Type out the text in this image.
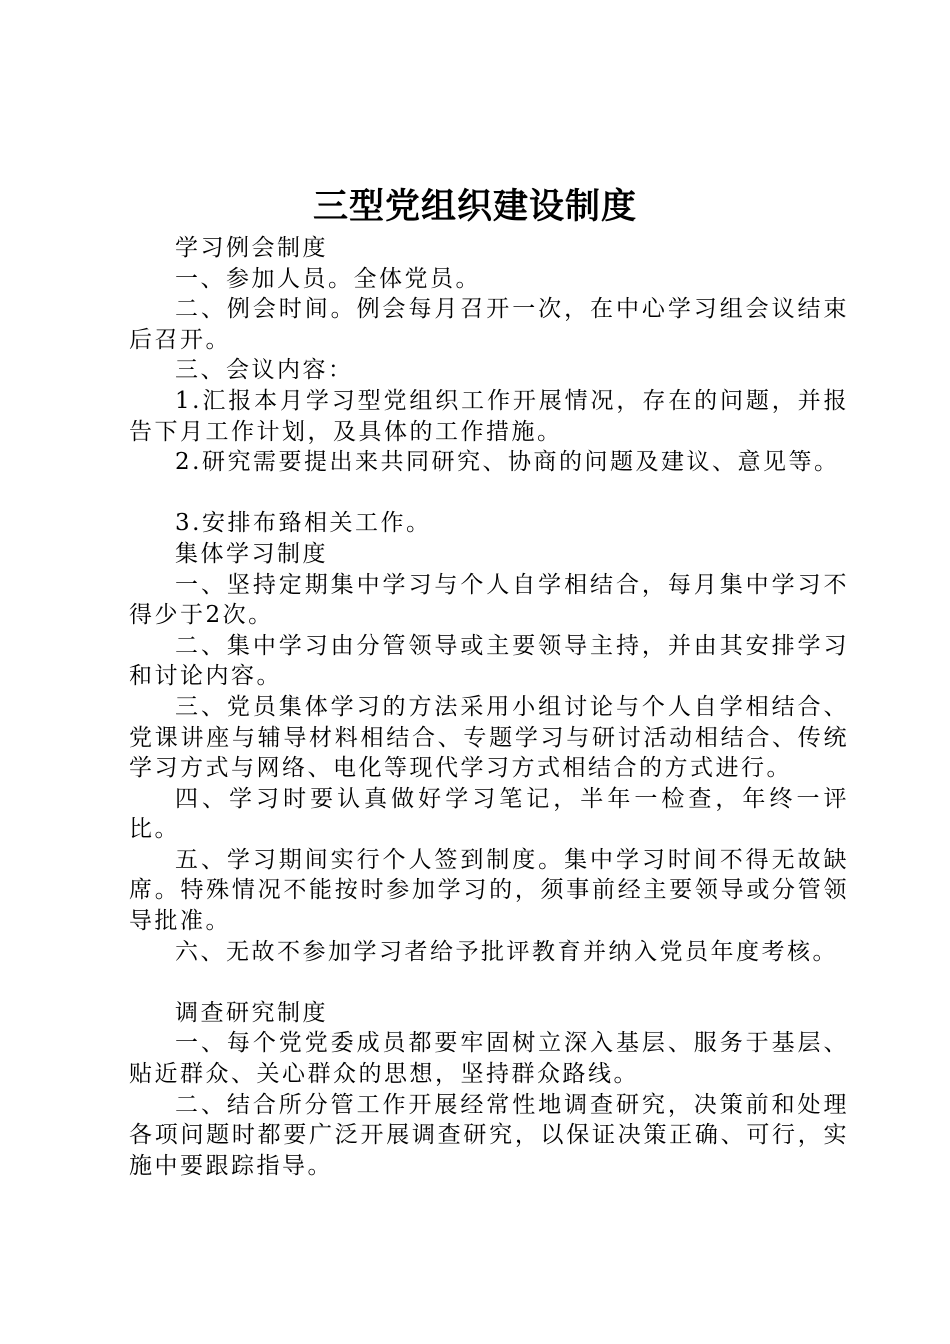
三型党组织建设制度

学习例会制度

一、参加人员。全体党员。

二、例会时间。例会每月召开一次，在中心学习组会议结束后召开。

三、会议内容：

1.汇报本月学习型党组织工作开展情况，存在的问题，并报告下月工作计划，及具体的工作措施。

2.研究需要提出来共同研究、协商的问题及建议、意见等。

3.安排布臵相关工作。

集体学习制度

一、坚持定期集中学习与个人自学相结合，每月集中学习不得少于2次。

二、集中学习由分管领导或主要领导主持，并由其安排学习和讨论内容。

三、党员集体学习的方法采用小组讨论与个人自学相结合、党课讲座与辅导材料相结合、专题学习与研讨活动相结合、传统学习方式与网络、电化等现代学习方式相结合的方式进行。

四、学习时要认真做好学习笔记，半年一检查，年终一评比。

五、学习期间实行个人签到制度。集中学习时间不得无故缺席。特殊情况不能按时参加学习的，须事前经主要领导或分管领导批准。

六、无故不参加学习者给予批评教育并纳入党员年度考核。

调查研究制度

一、每个党党委成员都要牢固树立深入基层、服务于基层、贴近群众、关心群众的思想，坚持群众路线。

二、结合所分管工作开展经常性地调查研究，决策前和处理各项问题时都要广泛开展调查研究，以保证决策正确、可行，实施中要跟踪指导。
